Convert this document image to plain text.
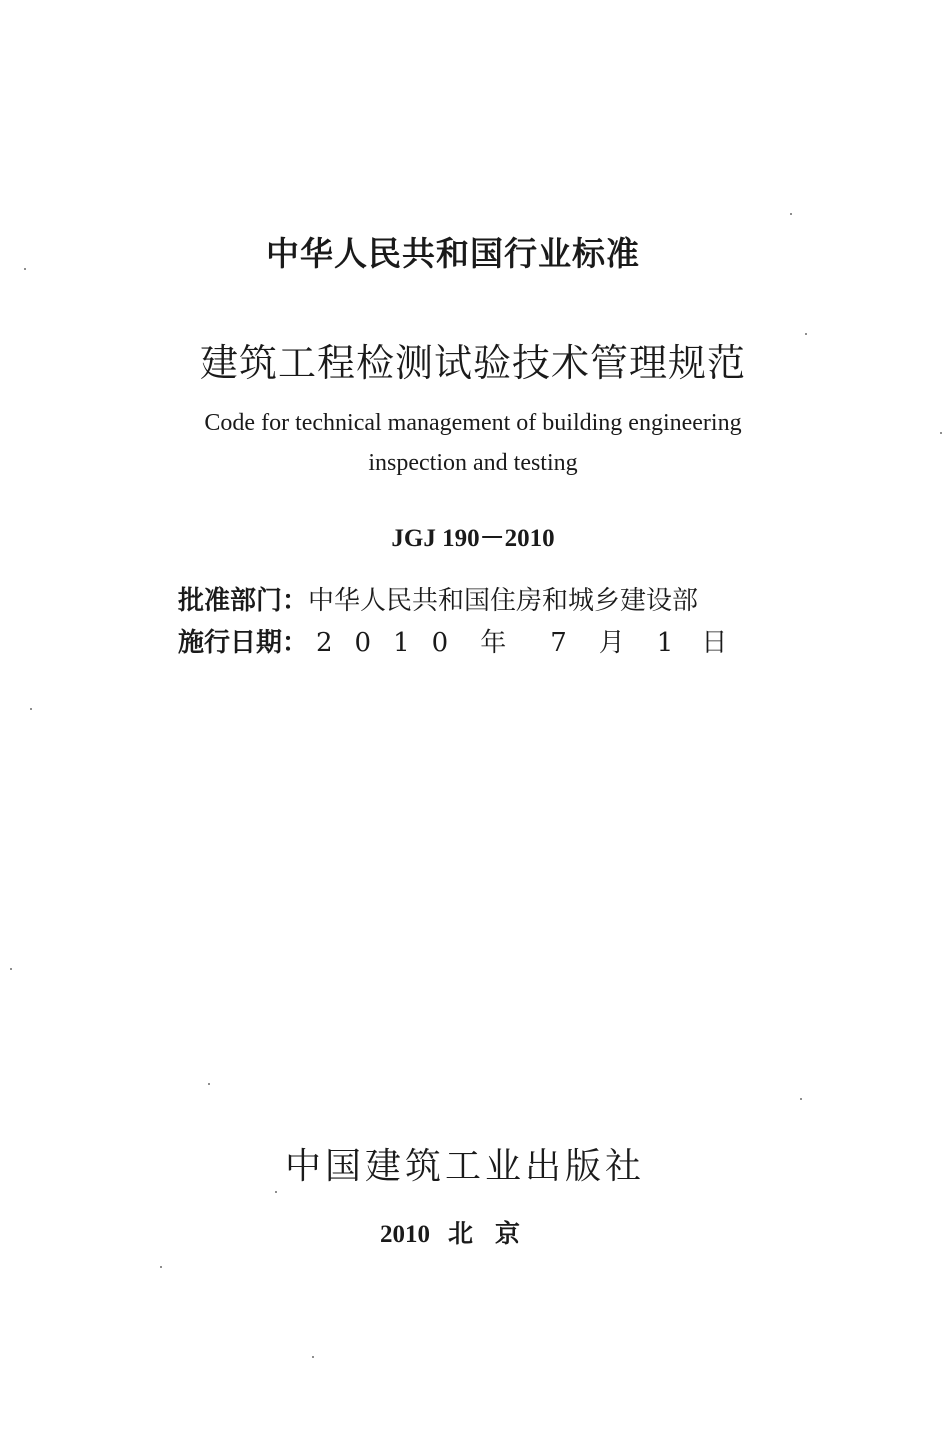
中华人民共和国行业标准
建筑工程检测试验技术管理规范
Code for technical management of building engineering
inspection and testing
JGJ 190－2010
批准部门：中华人民共和国住房和城乡建设部
施行日期： 2010 年 7 月 1 日
中国建筑工业出版社
2010 北京
